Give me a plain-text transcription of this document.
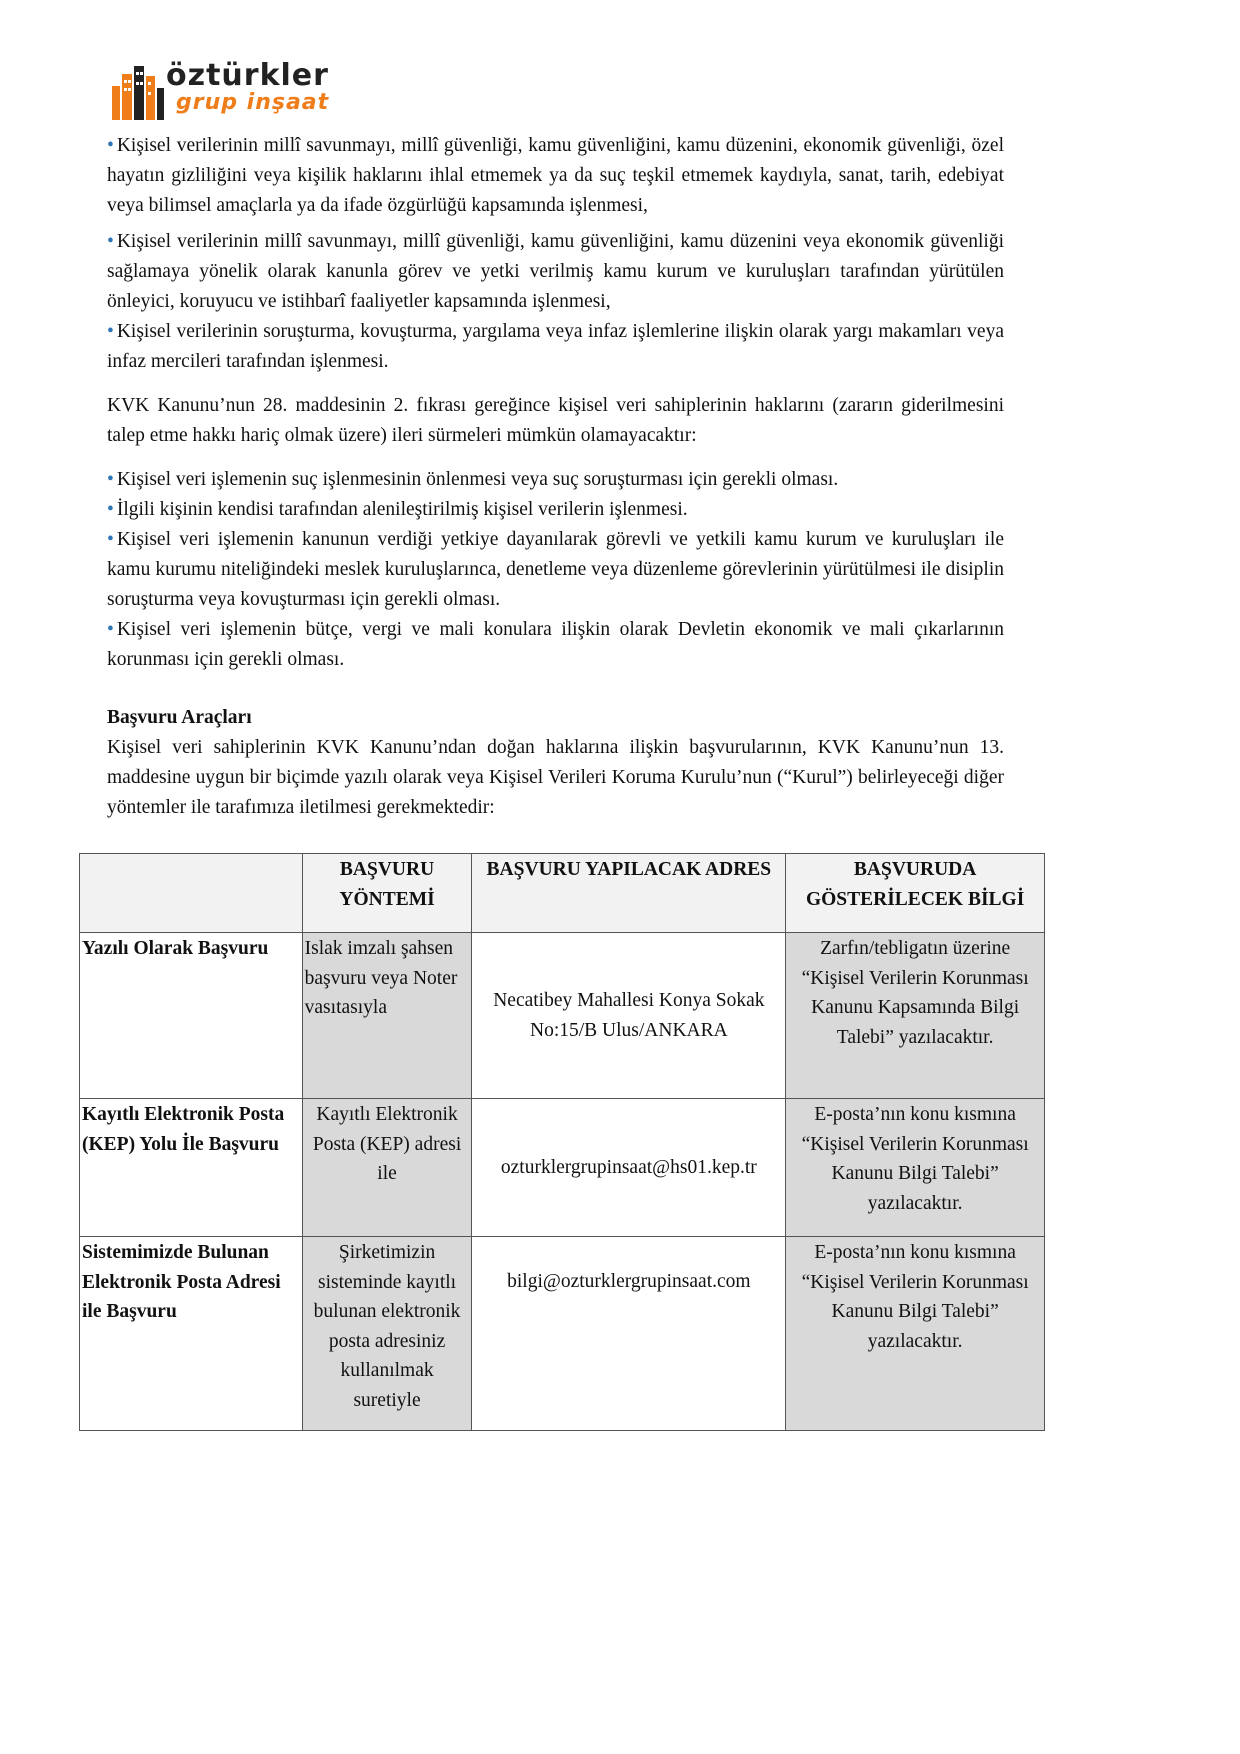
öztürkler
grup inşaat

• Kişisel verilerinin millî savunmayı, millî güvenliği, kamu güvenliğini, kamu düzenini, ekonomik güvenliği, özel hayatın gizliliğini veya kişilik haklarını ihlal etmemek ya da suç teşkil etmemek kaydıyla, sanat, tarih, edebiyat veya bilimsel amaçlarla ya da ifade özgürlüğü kapsamında işlenmesi,

• Kişisel verilerinin millî savunmayı, millî güvenliği, kamu güvenliğini, kamu düzenini veya ekonomik güvenliği sağlamaya yönelik olarak kanunla görev ve yetki verilmiş kamu kurum ve kuruluşları tarafından yürütülen önleyici, koruyucu ve istihbarî faaliyetler kapsamında işlenmesi,

• Kişisel verilerinin soruşturma, kovuşturma, yargılama veya infaz işlemlerine ilişkin olarak yargı makamları veya infaz mercileri tarafından işlenmesi.

KVK Kanunu’nun 28. maddesinin 2. fıkrası gereğince kişisel veri sahiplerinin haklarını (zararın giderilmesini talep etme hakkı hariç olmak üzere) ileri sürmeleri mümkün olamayacaktır:

• Kişisel veri işlemenin suç işlenmesinin önlenmesi veya suç soruşturması için gerekli olması.

• İlgili kişinin kendisi tarafından alenileştirilmiş kişisel verilerin işlenmesi.

• Kişisel veri işlemenin kanunun verdiği yetkiye dayanılarak görevli ve yetkili kamu kurum ve kuruluşları ile kamu kurumu niteliğindeki meslek kuruluşlarınca, denetleme veya düzenleme görevlerinin yürütülmesi ile disiplin soruşturma veya kovuşturması için gerekli olması.

• Kişisel veri işlemenin bütçe, vergi ve mali konulara ilişkin olarak Devletin ekonomik ve mali çıkarlarının korunması için gerekli olması.

Başvuru Araçları

Kişisel veri sahiplerinin KVK Kanunu’ndan doğan haklarına ilişkin başvurularının, KVK Kanunu’nun 13. maddesine uygun bir biçimde yazılı olarak veya Kişisel Verileri Koruma Kurulu’nun (“Kurul”) belirleyeceği diğer yöntemler ile tarafımıza iletilmesi gerekmektedir:

	BAŞVURU YÖNTEMİ	BAŞVURU YAPILACAK ADRES	BAŞVURUDA GÖSTERİLECEK BİLGİ
Yazılı Olarak Başvuru	Islak imzalı şahsen başvuru veya Noter vasıtasıyla	Necatibey Mahallesi Konya Sokak No:15/B Ulus/ANKARA	Zarfın/tebligatın üzerine “Kişisel Verilerin Korunması Kanunu Kapsamında Bilgi Talebi” yazılacaktır.
Kayıtlı Elektronik Posta (KEP) Yolu İle Başvuru	Kayıtlı Elektronik Posta (KEP) adresi ile	ozturklergrupinsaat@hs01.kep.tr	E-posta’nın konu kısmına “Kişisel Verilerin Korunması Kanunu Bilgi Talebi” yazılacaktır.
Sistemimizde Bulunan Elektronik Posta Adresi ile Başvuru	Şirketimizin sisteminde kayıtlı bulunan elektronik posta adresiniz kullanılmak suretiyle	bilgi@ozturklergrupinsaat.com	E-posta’nın konu kısmına “Kişisel Verilerin Korunması Kanunu Bilgi Talebi” yazılacaktır.
